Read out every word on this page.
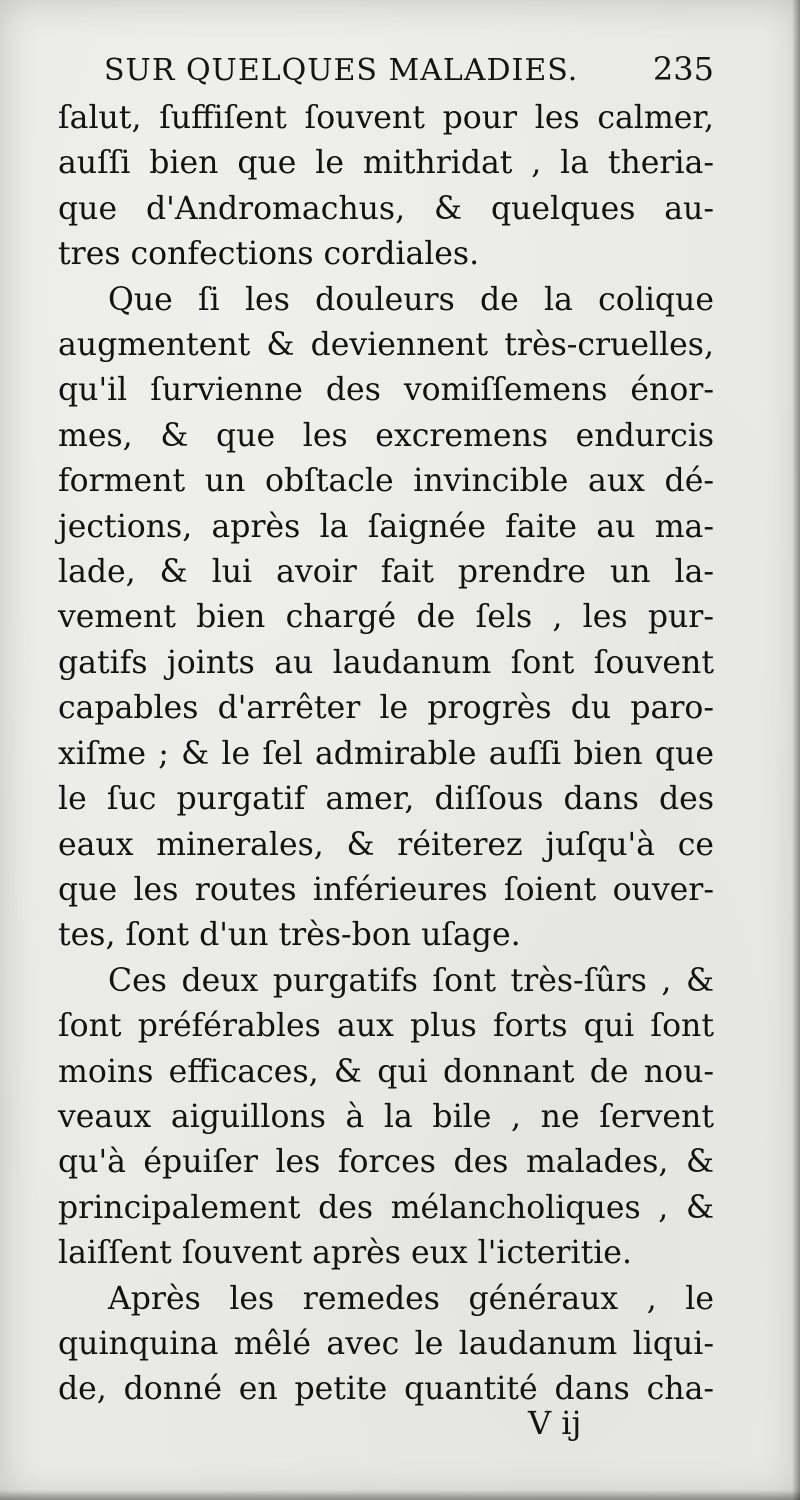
SUR QUELQUES MALADIES. 235

ſalut, ſuffiſent ſouvent pour les calmer,
auſſi bien que le mithridat , la theria-
que d'Andromachus, & quelques au-
tres confections cordiales.

Que ſi les douleurs de la colique
augmentent & deviennent très-cruelles,
qu'il ſurvienne des vomiſſemens énor-
mes, & que les excremens endurcis
forment un obſtacle invincible aux dé-
jections, après la ſaignée faite au ma-
lade, & lui avoir fait prendre un la-
vement bien chargé de ſels , les pur-
gatifs joints au laudanum ſont ſouvent
capables d'arrêter le progrès du paro-
xiſme ; & le ſel admirable auſſi bien que
le ſuc purgatif amer, diſſous dans des
eaux minerales, & réiterez juſqu'à ce
que les routes inférieures ſoient ouver-
tes, ſont d'un très-bon uſage.

Ces deux purgatifs ſont très-ſûrs , &
ſont préférables aux plus forts qui ſont
moins efficaces, & qui donnant de nou-
veaux aiguillons à la bile , ne ſervent
qu'à épuiſer les forces des malades, &
principalement des mélancholiques , &
laiſſent ſouvent après eux l'icteritie.

Après les remedes généraux , le
quinquina mêlé avec le laudanum liqui-
de, donné en petite quantité dans cha-

V ij
